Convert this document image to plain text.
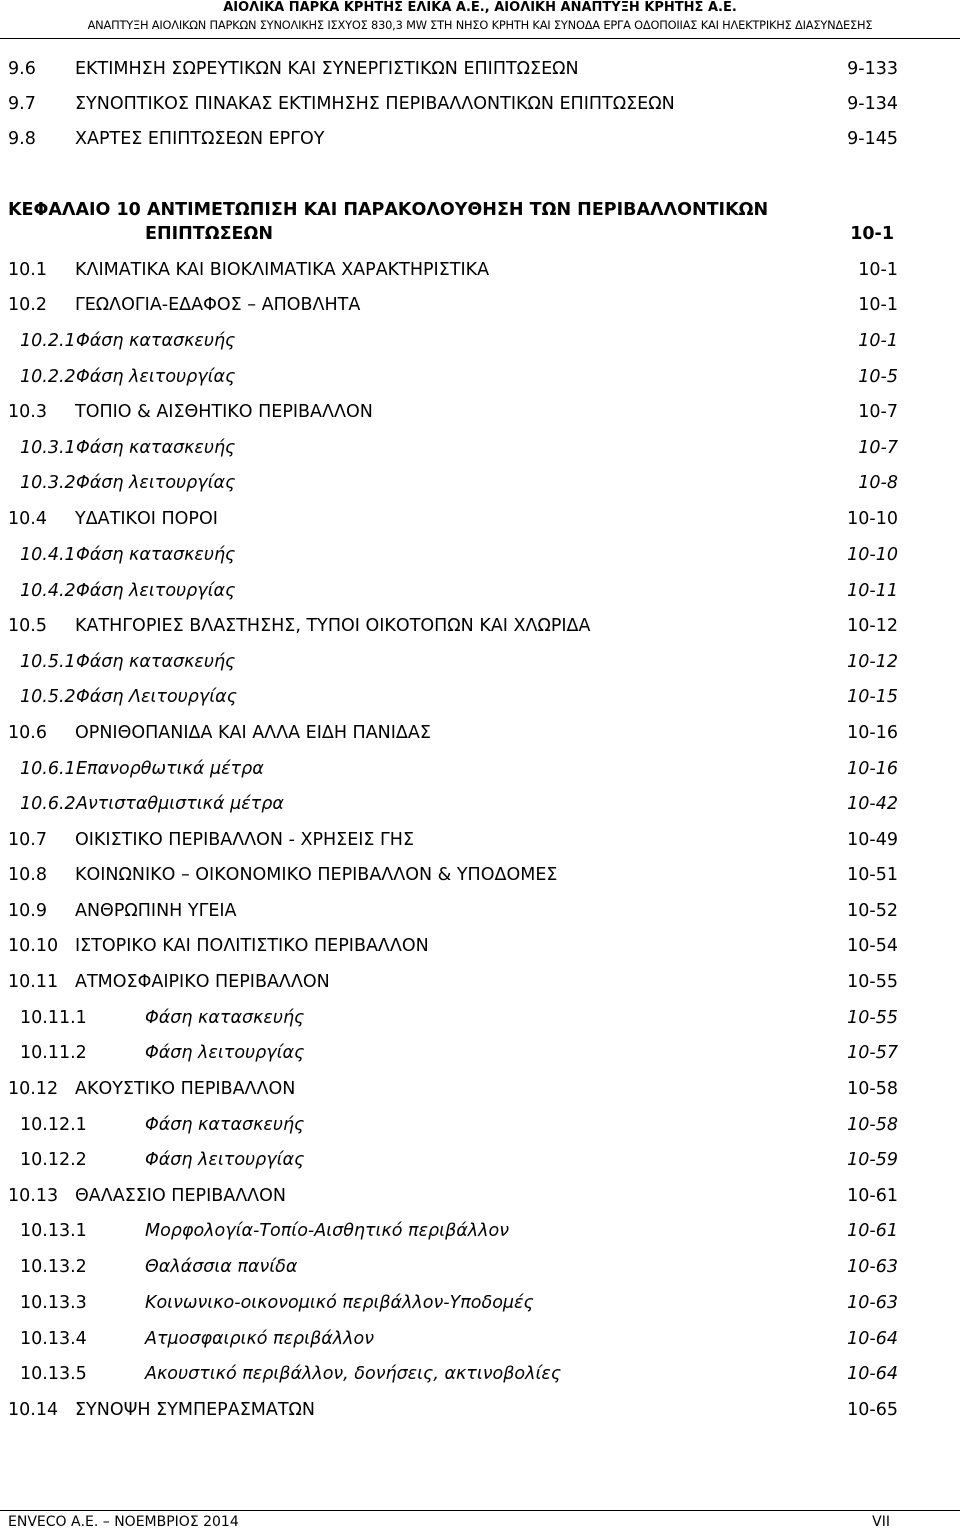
ΑΙΟΛΙΚΑ ΠΑΡΚΑ ΚΡΗΤΗΣ ΕΛΙΚΑ Α.Ε., ΑΙΟΛΙΚΗ ΑΝΑΠΤΥΞΗ ΚΡΗΤΗΣ Α.Ε.
ΑΝΑΠΤΥΞΗ ΑΙΟΛΙΚΩΝ ΠΑΡΚΩΝ ΣΥΝΟΛΙΚΗΣ ΙΣΧΥΟΣ 830,3 MW ΣΤΗ ΝΗΣΟ ΚΡΗΤΗ ΚΑΙ ΣΥΝΟΔΑ ΕΡΓΑ ΟΔΟΠΟΙΙΑΣ ΚΑΙ ΗΛΕΚΤΡΙΚΗΣ ΔΙΑΣΥΝΔΕΣΗΣ
9.6 ΕΚΤΙΜΗΣΗ ΣΩΡΕΥΤΙΚΩΝ ΚΑΙ ΣΥΝΕΡΓΙΣΤΙΚΩΝ ΕΠΙΠΤΩΣΕΩΝ	9-133
9.7 ΣΥΝΟΠΤΙΚΟΣ ΠΙΝΑΚΑΣ ΕΚΤΙΜΗΣΗΣ ΠΕΡΙΒΑΛΛΟΝΤΙΚΩΝ ΕΠΙΠΤΩΣΕΩΝ	9-134
9.8 ΧΑΡΤΕΣ ΕΠΙΠΤΩΣΕΩΝ ΕΡΓΟΥ	9-145
ΚΕΦΑΛΑΙΟ 10 ΑΝΤΙΜΕΤΩΠΙΣΗ ΚΑΙ ΠΑΡΑΚΟΛΟΥΘΗΣΗ ΤΩΝ ΠΕΡΙΒΑΛΛΟΝΤΙΚΩΝ
ΕΠΙΠΤΩΣΕΩΝ	10-1
10.1 ΚΛΙΜΑΤΙΚΑ ΚΑΙ ΒΙΟΚΛΙΜΑΤΙΚΑ ΧΑΡΑΚΤΗΡΙΣΤΙΚΑ	10-1
10.2 ΓΕΩΛΟΓΙΑ-ΕΔΑΦΟΣ – ΑΠΟΒΛΗΤΑ	10-1
10.2.1 Φάση κατασκευής	10-1
10.2.2 Φάση λειτουργίας	10-5
10.3 ΤΟΠΙΟ & ΑΙΣΘΗΤΙΚΟ ΠΕΡΙΒΑΛΛΟΝ	10-7
10.3.1 Φάση κατασκευής	10-7
10.3.2 Φάση λειτουργίας	10-8
10.4 ΥΔΑΤΙΚΟΙ ΠΟΡΟΙ	10-10
10.4.1 Φάση κατασκευής	10-10
10.4.2 Φάση λειτουργίας	10-11
10.5 ΚΑΤΗΓΟΡΙΕΣ ΒΛΑΣΤΗΣΗΣ, ΤΥΠΟΙ ΟΙΚΟΤΟΠΩΝ ΚΑΙ ΧΛΩΡΙΔΑ	10-12
10.5.1 Φάση κατασκευής	10-12
10.5.2 Φάση Λειτουργίας	10-15
10.6 ΟΡΝΙΘΟΠΑΝΙΔΑ ΚΑΙ ΑΛΛΑ ΕΙΔΗ ΠΑΝΙΔΑΣ	10-16
10.6.1 Επανορθωτικά μέτρα	10-16
10.6.2 Αντισταθμιστικά μέτρα	10-42
10.7 ΟΙΚΙΣΤΙΚΟ ΠΕΡΙΒΑΛΛΟΝ - ΧΡΗΣΕΙΣ ΓΗΣ	10-49
10.8 ΚΟΙΝΩΝΙΚΟ – ΟΙΚΟΝΟΜΙΚΟ ΠΕΡΙΒΑΛΛΟΝ & ΥΠΟΔΟΜΕΣ	10-51
10.9 ΑΝΘΡΩΠΙΝΗ ΥΓΕΙΑ	10-52
10.10 ΙΣΤΟΡΙΚΟ ΚΑΙ ΠΟΛΙΤΙΣΤΙΚΟ ΠΕΡΙΒΑΛΛΟΝ	10-54
10.11 ΑΤΜΟΣΦΑΙΡΙΚΟ ΠΕΡΙΒΑΛΛΟΝ	10-55
10.11.1	Φάση κατασκευής	10-55
10.11.2	Φάση λειτουργίας	10-57
10.12 ΑΚΟΥΣΤΙΚΟ ΠΕΡΙΒΑΛΛΟΝ	10-58
10.12.1	Φάση κατασκευής	10-58
10.12.2	Φάση λειτουργίας	10-59
10.13 ΘΑΛΑΣΣΙΟ ΠΕΡΙΒΑΛΛΟΝ	10-61
10.13.1	Μορφολογία-Τοπίο-Αισθητικό περιβάλλον	10-61
10.13.2	Θαλάσσια πανίδα	10-63
10.13.3	Κοινωνικο-οικονομικό περιβάλλον-Υποδομές	10-63
10.13.4	Ατμοσφαιρικό περιβάλλον	10-64
10.13.5	Ακουστικό περιβάλλον, δονήσεις, ακτινοβολίες	10-64
10.14 ΣΥΝΟΨΗ ΣΥΜΠΕΡΑΣΜΑΤΩΝ	10-65
ENVECO Α.Ε. – ΝΟΕΜΒΡΙΟΣ 2014	VII
